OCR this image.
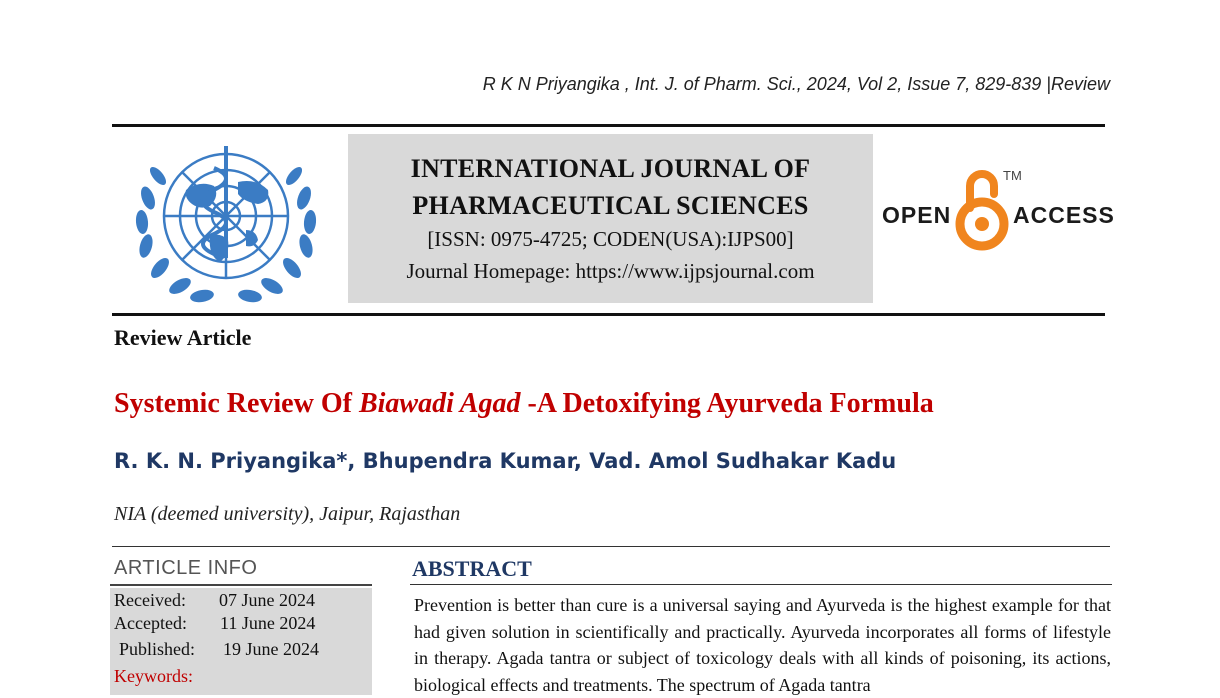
R K N Priyangika , Int. J. of Pharm. Sci., 2024, Vol 2, Issue 7, 829-839 |Review
INTERNATIONAL JOURNAL OF
PHARMACEUTICAL SCIENCES
[ISSN: 0975-4725; CODEN(USA):IJPS00]
Journal Homepage: https://www.ijpsjournal.com
OPEN
TM
ACCESS
Review Article
Systemic Review Of Biawadi Agad -A Detoxifying Ayurveda Formula
R. K. N. Priyangika*, Bhupendra Kumar, Vad. Amol Sudhakar Kadu
NIA (deemed university), Jaipur, Rajasthan
ARTICLE INFO
Received: 07 June 2024
Accepted: 11 June 2024
Published: 19 June 2024
Keywords:
ABSTRACT
Prevention is better than cure is a universal saying and Ayurveda is the highest example for that had given solution in scientifically and practically. Ayurveda incorporates all forms of lifestyle in therapy. Agada tantra or subject of toxicology deals with all kinds of poisoning, its actions, biological effects and treatments. The spectrum of Agada tantra
